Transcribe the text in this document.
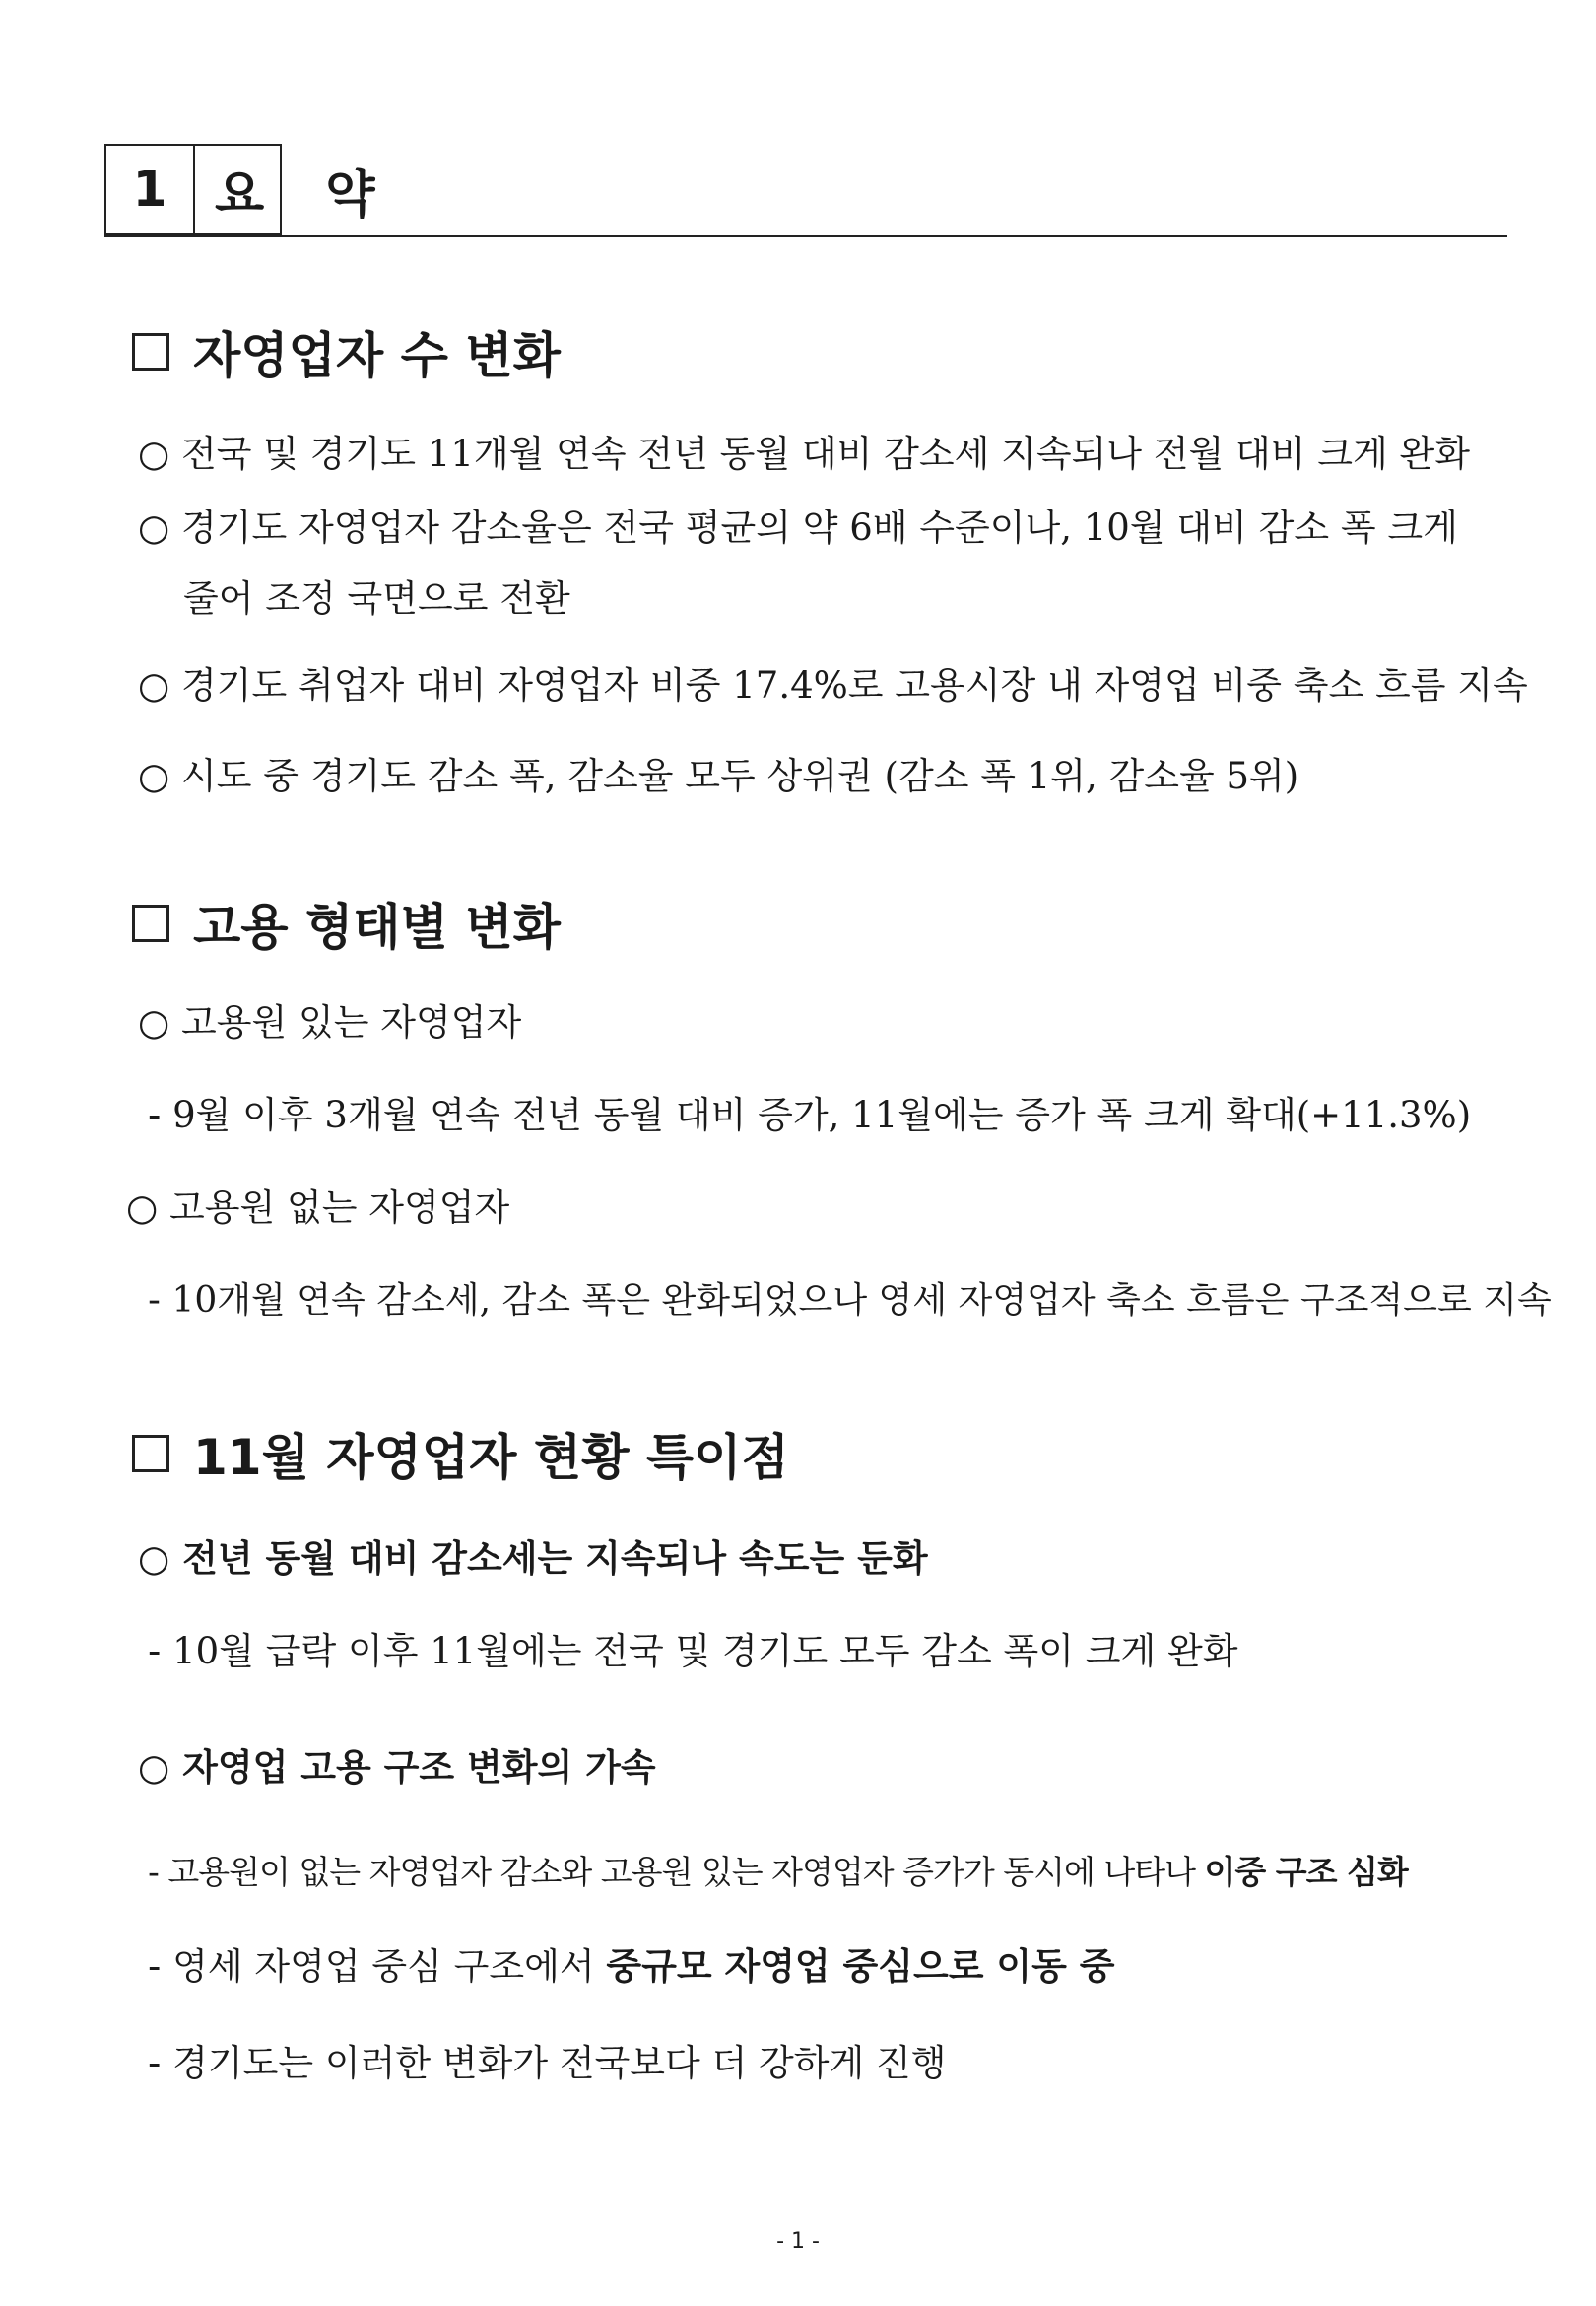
1 요 약
자영업자 수 변화
○ 전국 및 경기도 11개월 연속 전년 동월 대비 감소세 지속되나 전월 대비 크게 완화
○ 경기도 자영업자 감소율은 전국 평균의 약 6배 수준이나, 10월 대비 감소 폭 크게
줄어 조정 국면으로 전환
○ 경기도 취업자 대비 자영업자 비중 17.4%로 고용시장 내 자영업 비중 축소 흐름 지속
○ 시도 중 경기도 감소 폭, 감소율 모두 상위권 (감소 폭 1위, 감소율 5위)
고용 형태별 변화
○ 고용원 있는 자영업자
- 9월 이후 3개월 연속 전년 동월 대비 증가, 11월에는 증가 폭 크게 확대(+11.3%)
○ 고용원 없는 자영업자
- 10개월 연속 감소세, 감소 폭은 완화되었으나 영세 자영업자 축소 흐름은 구조적으로 지속
11월 자영업자 현황 특이점
○ 전년 동월 대비 감소세는 지속되나 속도는 둔화
- 10월 급락 이후 11월에는 전국 및 경기도 모두 감소 폭이 크게 완화
○ 자영업 고용 구조 변화의 가속
- 고용원이 없는 자영업자 감소와 고용원 있는 자영업자 증가가 동시에 나타나 이중 구조 심화
- 영세 자영업 중심 구조에서 중규모 자영업 중심으로 이동 중
- 경기도는 이러한 변화가 전국보다 더 강하게 진행
- 1 -
